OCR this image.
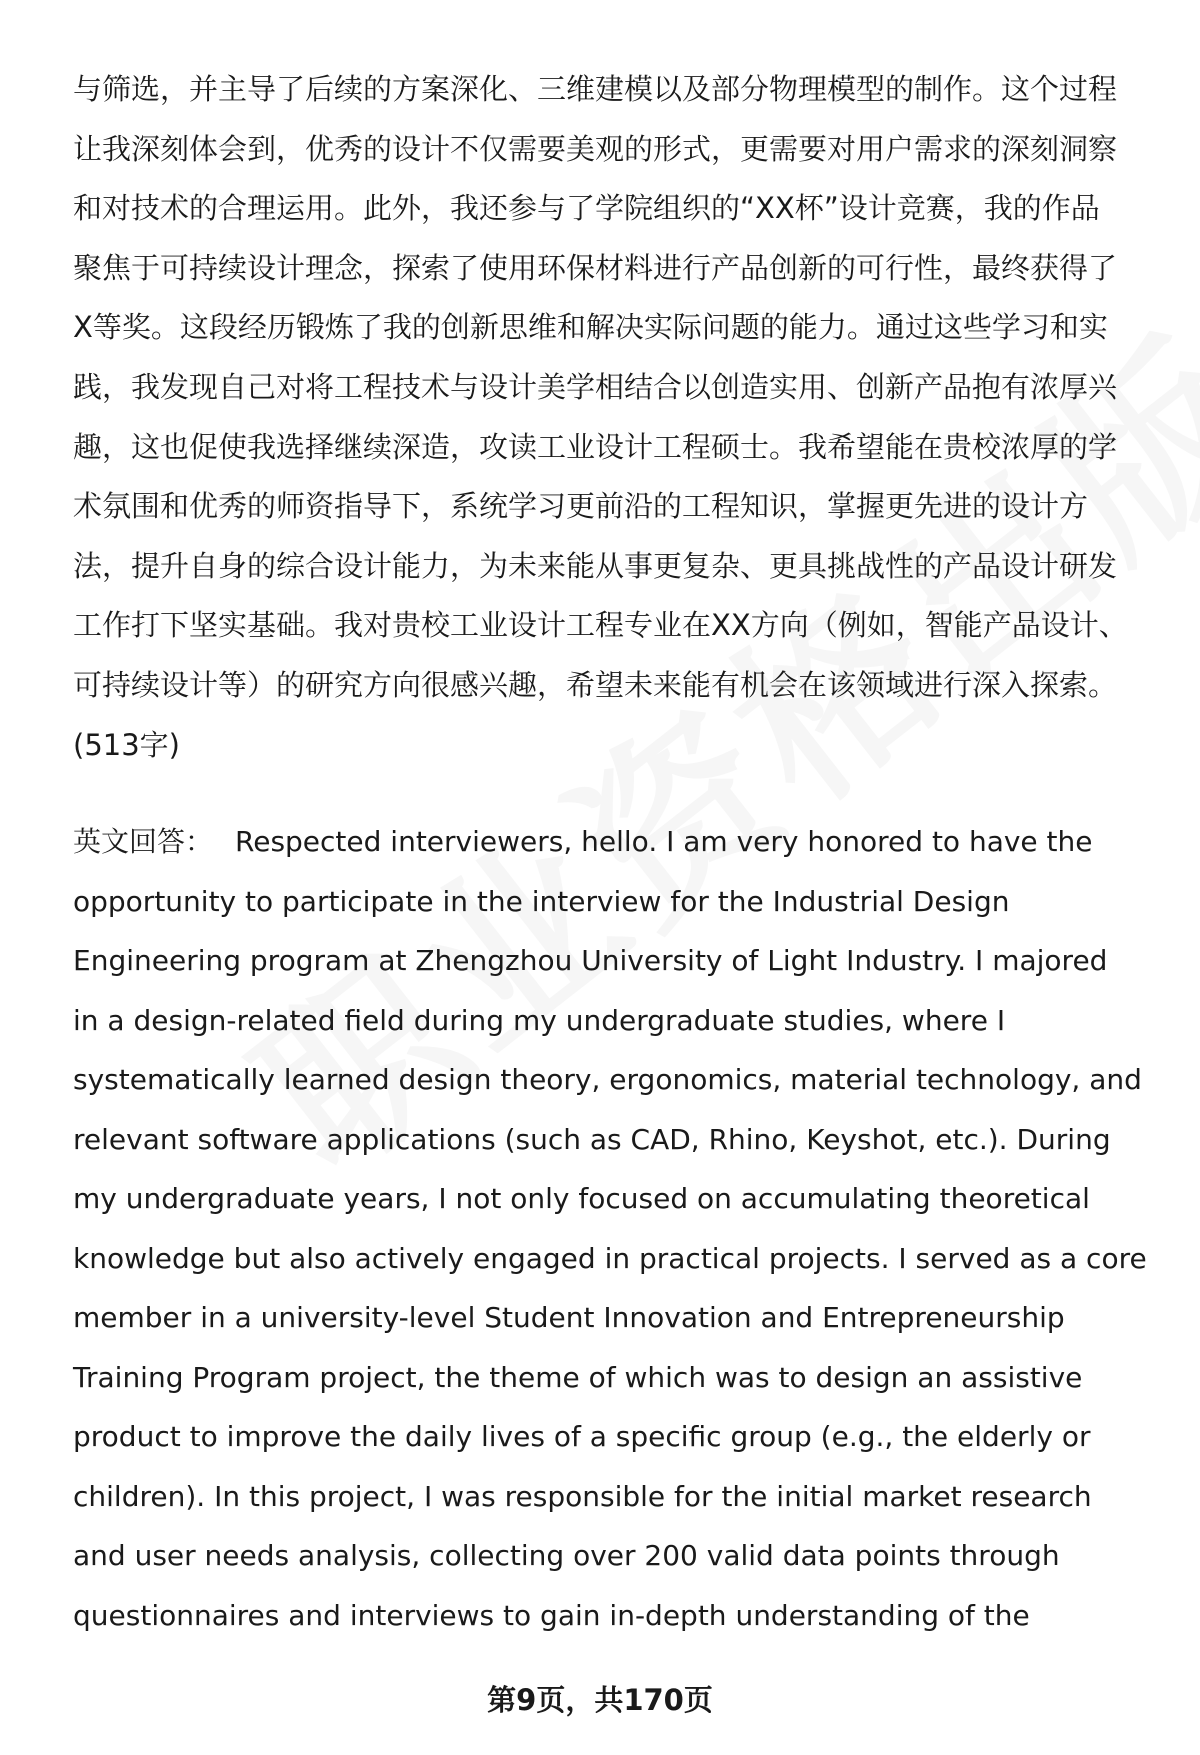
与筛选，并主导了后续的方案深化、三维建模以及部分物理模型的制作。这个过程
让我深刻体会到，优秀的设计不仅需要美观的形式，更需要对用户需求的深刻洞察
和对技术的合理运用。此外，我还参与了学院组织的“XX杯”设计竞赛，我的作品
聚焦于可持续设计理念，探索了使用环保材料进行产品创新的可行性，最终获得了
X等奖。这段经历锻炼了我的创新思维和解决实际问题的能力。通过这些学习和实
践，我发现自己对将工程技术与设计美学相结合以创造实用、创新产品抱有浓厚兴
趣，这也促使我选择继续深造，攻读工业设计工程硕士。我希望能在贵校浓厚的学
术氛围和优秀的师资指导下，系统学习更前沿的工程知识，掌握更先进的设计方
法，提升自身的综合设计能力，为未来能从事更复杂、更具挑战性的产品设计研发
工作打下坚实基础。我对贵校工业设计工程专业在XX方向（例如，智能产品设计、
可持续设计等）的研究方向很感兴趣，希望未来能有机会在该领域进行深入探索。
(513字)

英文回答： Respected interviewers, hello. I am very honored to have the
opportunity to participate in the interview for the Industrial Design
Engineering program at Zhengzhou University of Light Industry. I majored
in a design-related field during my undergraduate studies, where I
systematically learned design theory, ergonomics, material technology, and
relevant software applications (such as CAD, Rhino, Keyshot, etc.). During
my undergraduate years, I not only focused on accumulating theoretical
knowledge but also actively engaged in practical projects. I served as a core
member in a university-level Student Innovation and Entrepreneurship
Training Program project, the theme of which was to design an assistive
product to improve the daily lives of a specific group (e.g., the elderly or
children). In this project, I was responsible for the initial market research
and user needs analysis, collecting over 200 valid data points through
questionnaires and interviews to gain in-depth understanding of the

第9页，共170页
